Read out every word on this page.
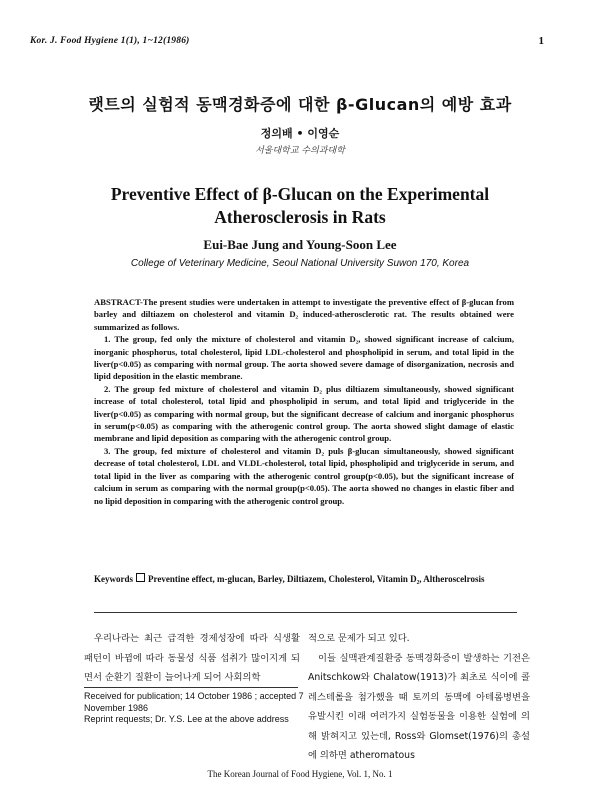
Kor. J. Food Hygiene 1(1), 1~12(1986)	1
랫트의 실험적 동맥경화증에 대한 β-Glucan의 예방 효과
정의배 • 이영순
서울대학교 수의과대학
Preventive Effect of β-Glucan on the Experimental
Atherosclerosis in Rats
Eui-Bae Jung and Young-Soon Lee
College of Veterinary Medicine, Seoul National University Suwon 170, Korea

ABSTRACT-The present studies were undertaken in attempt to investigate the preventive effect of β-glucan from barley and diltiazem on cholesterol and vitamin D₂ induced-atherosclerotic rat. The results obtained were summarized as follows.

1. The group, fed only the mixture of cholesterol and vitamin D₂, showed significant increase of calcium, inorganic phosphorus, total cholesterol, lipid LDL-cholesterol and phospholipid in serum, and total lipid in the liver(p<0.05) as comparing with normal group. The aorta showed severe damage of disorganization, necrosis and lipid deposition in the elastic membrane.

2. The group fed mixture of cholesterol and vitamin D₂ plus diltiazem simultaneously, showed significant increase of total cholesterol, total lipid and phospholipid in serum, and total lipid and triglyceride in the liver(p<0.05) as comparing with normal group, but the significant decrease of calcium and inorganic phosphorus in serum(p<0.05) as comparing with the atherogenic control group. The aorta showed slight damage of elastic membrane and lipid deposition as comparing with the atherogenic control group.

3. The group, fed mixture of cholesterol and vitamin D₂ puls β-glucan simultaneously, showed significant decrease of total cholesterol, LDL and VLDL-cholesterol, total lipid, phospholipid and triglyceride in serum, and total lipid in the liver as comparing with the atherogenic control group(p<0.05), but the significant increase of calcium in serum as comparing with the normal group(p<0.05). The aorta showed no changes in elastic fiber and no lipid deposition in comparing with the atherogenic control group.

Keywords Preventine effect, m-glucan, Barley, Diltiazem, Cholesterol, Vitamin D₂, Altheroscelrosis

우리나라는 최근 급격한 경제성장에 따라 식생활 패턴이 바뀜에 따라 동물성 식품 섭취가 많이지게 되면서 순환기 질환이 늘어나게 되어 사회의학

Received for publication; 14 October 1986 ; accepted 7 November 1986
Reprint requests; Dr. Y.S. Lee at the above address

적으로 문제가 되고 있다.

이들 실맥관계질환중 동맥경화증이 발생하는 기전은 Anitschkow와 Chalatow(1913)가 최초로 식이에 콜레스테롤을 첨가했을 때 토끼의 동맥에 아테롬병변을 유발시킨 이래 여러가지 실험동물을 이용한 실험에 의해 밝혀지고 있는데, Ross와 Glomset(1976)의 총설에 의하면 atheromatous

The Korean Journal of Food Hygiene, Vol. 1, No. 1
